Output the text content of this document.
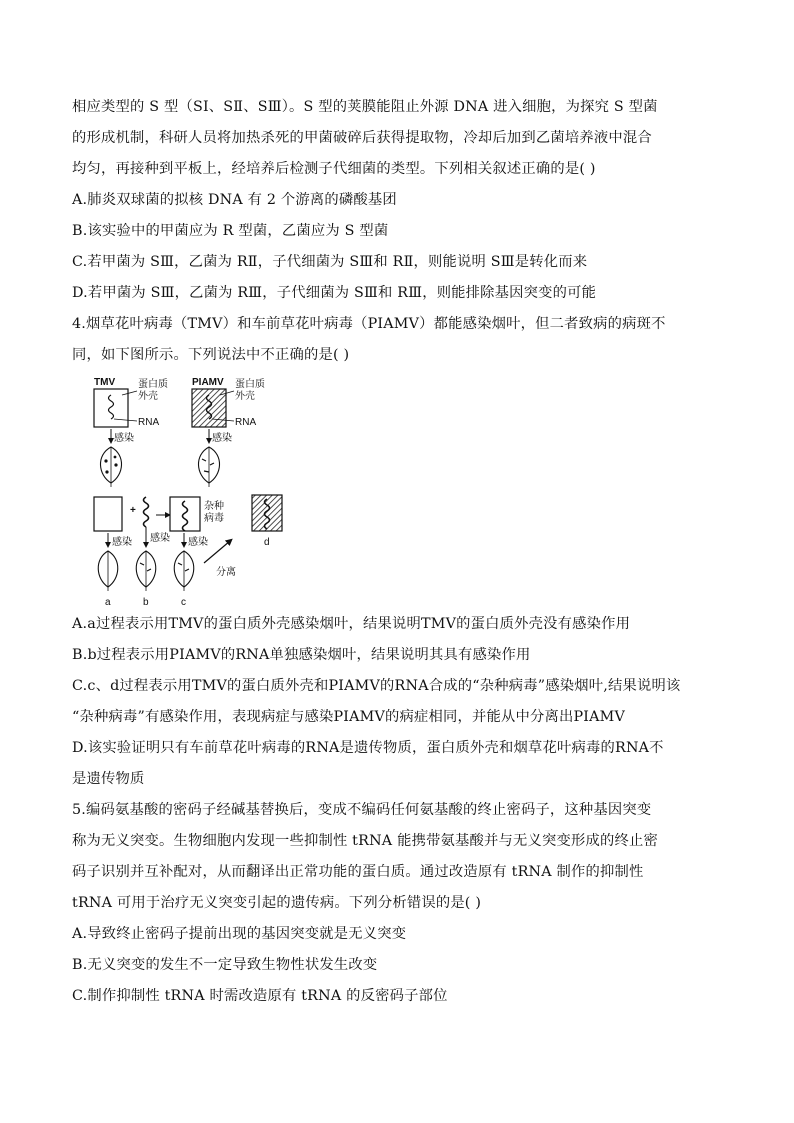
相应类型的 S 型（SⅠ、SⅡ、SⅢ）。S 型的荚膜能阻止外源 DNA 进入细胞，为探究 S 型菌
的形成机制，科研人员将加热杀死的甲菌破碎后获得提取物，冷却后加到乙菌培养液中混合
均匀，再接种到平板上，经培养后检测子代细菌的类型。下列相关叙述正确的是( )
A.肺炎双球菌的拟核 DNA 有 2 个游离的磷酸基团
B.该实验中的甲菌应为 R 型菌，乙菌应为 S 型菌
C.若甲菌为 SⅢ，乙菌为 RⅡ，子代细菌为 SⅢ和 RⅡ，则能说明 SⅢ是转化而来
D.若甲菌为 SⅢ，乙菌为 RⅢ，子代细菌为 SⅢ和 RⅢ，则能排除基因突变的可能
4.烟草花叶病毒（TMV）和车前草花叶病毒（PIAMV）都能感染烟叶，但二者致病的病斑不
同，如下图所示。下列说法中不正确的是( )
TMV 蛋白质
外壳
RNA
感染
PIAMV 蛋白质
外壳
RNA
感染
+	杂种
病毒
d
感染 感染 感染
a	b	c
分离
A.a过程表示用TMV的蛋白质外壳感染烟叶，结果说明TMV的蛋白质外壳没有感染作用
B.b过程表示用PIAMV的RNA单独感染烟叶，结果说明其具有感染作用
C.c、d过程表示用TMV的蛋白质外壳和PIAMV的RNA合成的“杂种病毒”感染烟叶,结果说明该
“杂种病毒”有感染作用，表现病症与感染PIAMV的病症相同，并能从中分离出PIAMV
D.该实验证明只有车前草花叶病毒的RNA是遗传物质，蛋白质外壳和烟草花叶病毒的RNA不
是遗传物质
5.编码氨基酸的密码子经碱基替换后，变成不编码任何氨基酸的终止密码子，这种基因突变
称为无义突变。生物细胞内发现一些抑制性 tRNA 能携带氨基酸并与无义突变形成的终止密
码子识别并互补配对，从而翻译出正常功能的蛋白质。通过改造原有 tRNA 制作的抑制性
tRNA 可用于治疗无义突变引起的遗传病。下列分析错误的是( )
A.导致终止密码子提前出现的基因突变就是无义突变
B.无义突变的发生不一定导致生物性状发生改变
C.制作抑制性 tRNA 时需改造原有 tRNA 的反密码子部位
